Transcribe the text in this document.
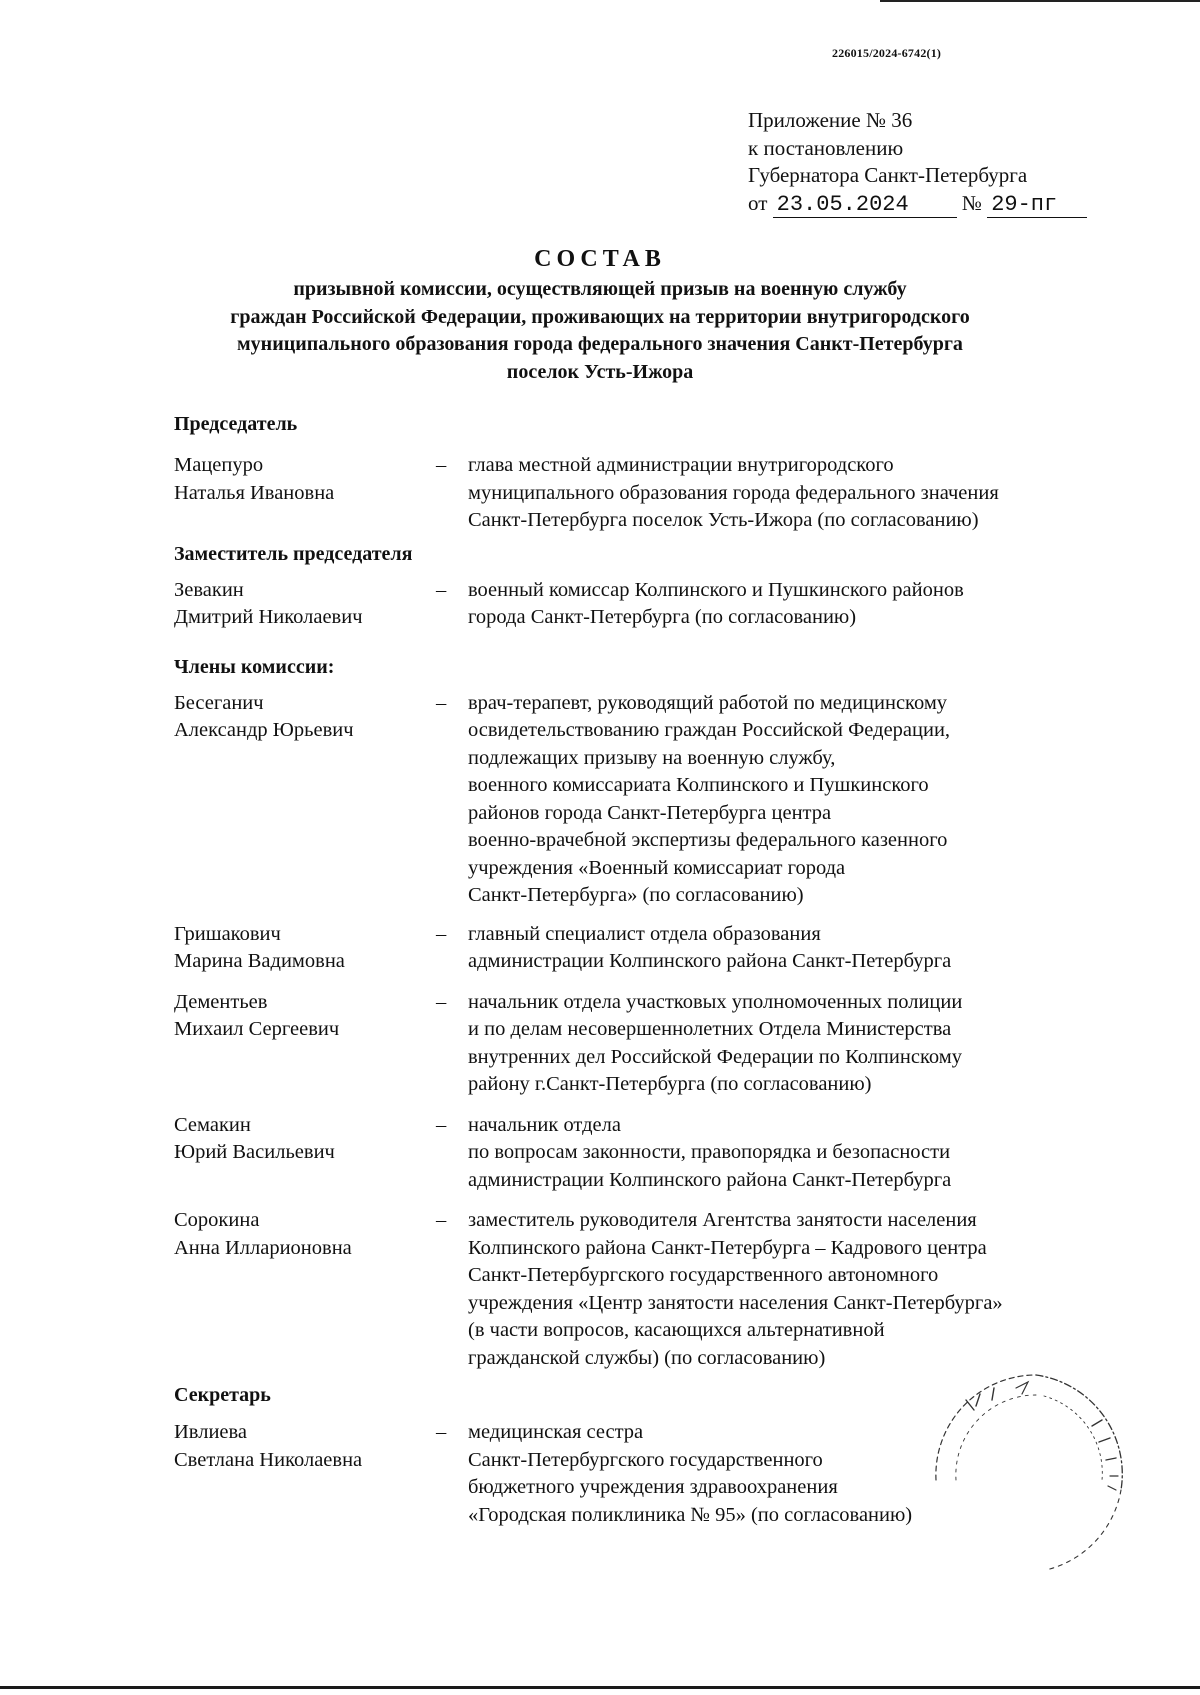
226015/2024-6742(1)
Приложение № 36
к постановлению
Губернатора Санкт-Петербурга
от 23.05.2024	№ 29-пг
СОСТАВ
призывной комиссии, осуществляющей призыв на военную службу
граждан Российской Федерации, проживающих на территории внутригородского
муниципального образования города федерального значения Санкт-Петербурга
поселок Усть-Ижора
Председатель
Мацепуро
Наталья Ивановна
–	глава местной администрации внутригородского
муниципального образования города федерального значения
Санкт-Петербурга поселок Усть-Ижора (по согласованию)
Заместитель председателя
Зевакин
Дмитрий Николаевич
–	военный комиссар Колпинского и Пушкинского районов
города Санкт-Петербурга (по согласованию)
Члены комиссии:
Бесеганич
Александр Юрьевич
–	врач-терапевт, руководящий работой по медицинскому
освидетельствованию граждан Российской Федерации,
подлежащих призыву на военную службу,
военного комиссариата Колпинского и Пушкинского
районов города Санкт-Петербурга центра
военно-врачебной экспертизы федерального казенного
учреждения «Военный комиссариат города
Санкт-Петербурга» (по согласованию)
Гришакович
Марина Вадимовна
–	главный специалист отдела образования
администрации Колпинского района Санкт-Петербурга
Дементьев
Михаил Сергеевич
–	начальник отдела участковых уполномоченных полиции
и по делам несовершеннолетних Отдела Министерства
внутренних дел Российской Федерации по Колпинскому
району г.Санкт-Петербурга (по согласованию)
Семакин
Юрий Васильевич
–	начальник отдела
по вопросам законности, правопорядка и безопасности
администрации Колпинского района Санкт-Петербурга
Сорокина
Анна Илларионовна
–	заместитель руководителя Агентства занятости населения
Колпинского района Санкт-Петербурга – Кадрового центра
Санкт-Петербургского государственного автономного
учреждения «Центр занятости населения Санкт-Петербурга»
(в части вопросов, касающихся альтернативной
гражданской службы) (по согласованию)
Секретарь
Ивлиева
Светлана Николаевна
–	медицинская сестра
Санкт-Петербургского государственного
бюджетного учреждения здравоохранения
«Городская поликлиника № 95» (по согласованию)
